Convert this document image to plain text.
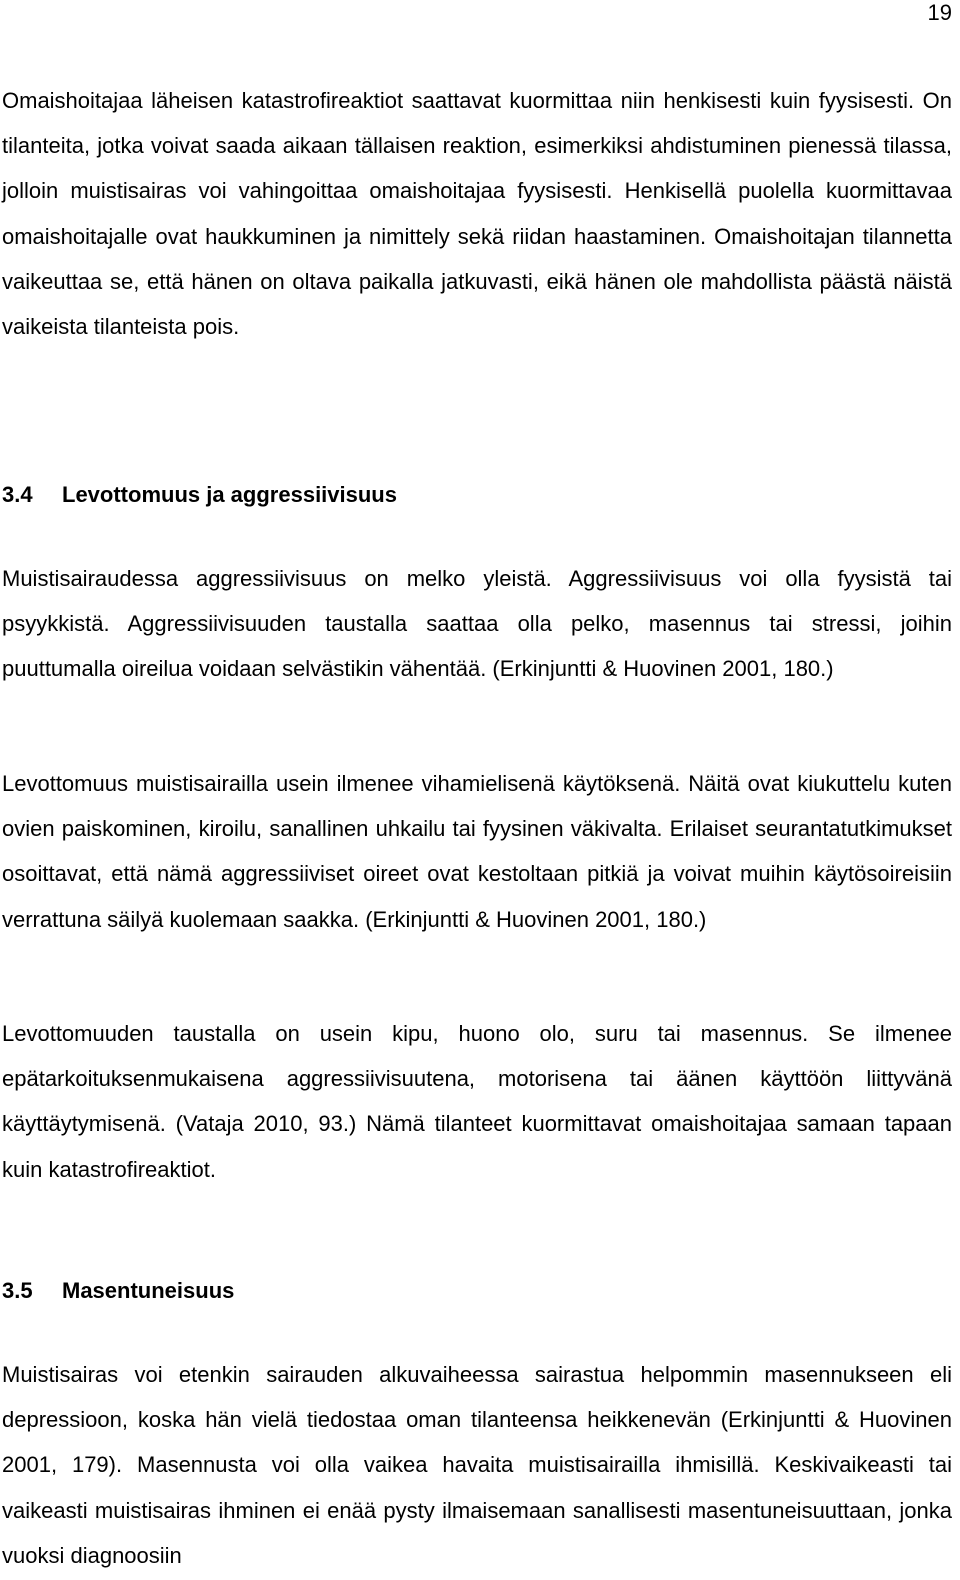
19

Omaishoitajaa läheisen katastrofireaktiot saattavat kuormittaa niin henkisesti kuin fyysisesti. On tilanteita, jotka voivat saada aikaan tällaisen reaktion, esimerkiksi ahdistuminen pienessä tilassa, jolloin muistisairas voi vahingoittaa omaishoitajaa fyysisesti. Henkisellä puolella kuormittavaa omaishoitajalle ovat haukkuminen ja nimittely sekä riidan haastaminen. Omaishoitajan tilannetta vaikeuttaa se, että hänen on oltava paikalla jatkuvasti, eikä hänen ole mahdollista päästä näistä vaikeista tilanteista pois.

3.4 Levottomuus ja aggressiivisuus

Muistisairaudessa aggressiivisuus on melko yleistä. Aggressiivisuus voi olla fyysistä tai psyykkistä. Aggressiivisuuden taustalla saattaa olla pelko, masennus tai stressi, joihin puuttumalla oireilua voidaan selvästikin vähentää. (Erkinjuntti & Huovinen 2001, 180.)

Levottomuus muistisairailla usein ilmenee vihamielisenä käytöksenä. Näitä ovat kiukuttelu kuten ovien paiskominen, kiroilu, sanallinen uhkailu tai fyysinen väkivalta. Erilaiset seurantatutkimukset osoittavat, että nämä aggressiiviset oireet ovat kestoltaan pitkiä ja voivat muihin käytösoireisiin verrattuna säilyä kuolemaan saakka. (Erkinjuntti & Huovinen 2001, 180.)

Levottomuuden taustalla on usein kipu, huono olo, suru tai masennus. Se ilmenee epätarkoituksenmukaisena aggressiivisuutena, motorisena tai äänen käyttöön liittyvänä käyttäytymisenä. (Vataja 2010, 93.) Nämä tilanteet kuormittavat omaishoitajaa samaan tapaan kuin katastrofireaktiot.

3.5 Masentuneisuus

Muistisairas voi etenkin sairauden alkuvaiheessa sairastua helpommin masennukseen eli depressioon, koska hän vielä tiedostaa oman tilanteensa heikkenevän (Erkinjuntti & Huovinen 2001, 179). Masennusta voi olla vaikea havaita muistisairailla ihmisillä. Keskivaikeasti tai vaikeasti muistisairas ihminen ei enää pysty ilmaisemaan sanallisesti masentuneisuuttaan, jonka vuoksi diagnoosiin
